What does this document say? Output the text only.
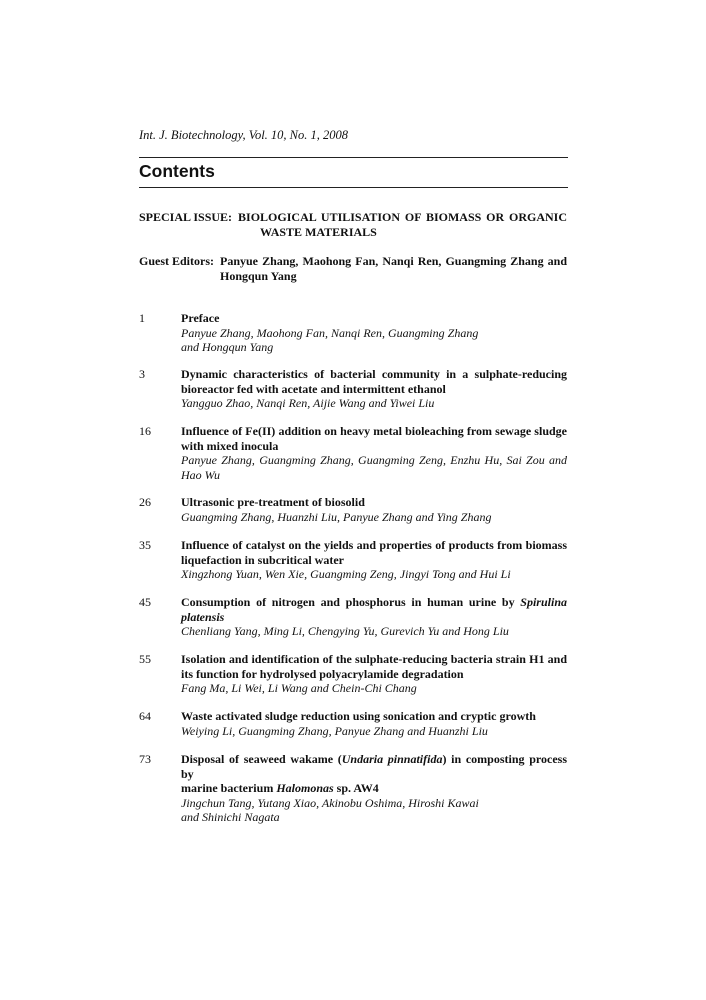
Int. J. Biotechnology, Vol. 10, No. 1, 2008
Contents
SPECIAL ISSUE: BIOLOGICAL UTILISATION OF BIOMASS OR ORGANIC
WASTE MATERIALS
Guest Editors: Panyue Zhang, Maohong Fan, Nanqi Ren, Guangming Zhang and
Hongqun Yang
1	Preface
Panyue Zhang, Maohong Fan, Nanqi Ren, Guangming Zhang
and Hongqun Yang
3	Dynamic characteristics of bacterial community in a sulphate-reducing
bioreactor fed with acetate and intermittent ethanol
Yangguo Zhao, Nanqi Ren, Aijie Wang and Yiwei Liu
16	Influence of Fe(II) addition on heavy metal bioleaching from sewage sludge
with mixed inocula
Panyue Zhang, Guangming Zhang, Guangming Zeng, Enzhu Hu, Sai Zou and
Hao Wu
26	Ultrasonic pre-treatment of biosolid
Guangming Zhang, Huanzhi Liu, Panyue Zhang and Ying Zhang
35	Influence of catalyst on the yields and properties of products from biomass
liquefaction in subcritical water
Xingzhong Yuan, Wen Xie, Guangming Zeng, Jingyi Tong and Hui Li
45	Consumption of nitrogen and phosphorus in human urine by Spirulina
platensis
Chenliang Yang, Ming Li, Chengying Yu, Gurevich Yu and Hong Liu
55	Isolation and identification of the sulphate-reducing bacteria strain H1 and
its function for hydrolysed polyacrylamide degradation
Fang Ma, Li Wei, Li Wang and Chein-Chi Chang
64	Waste activated sludge reduction using sonication and cryptic growth
Weiying Li, Guangming Zhang, Panyue Zhang and Huanzhi Liu
73	Disposal of seaweed wakame (Undaria pinnatifida) in composting process by
marine bacterium Halomonas sp. AW4
Jingchun Tang, Yutang Xiao, Akinobu Oshima, Hiroshi Kawai
and Shinichi Nagata
